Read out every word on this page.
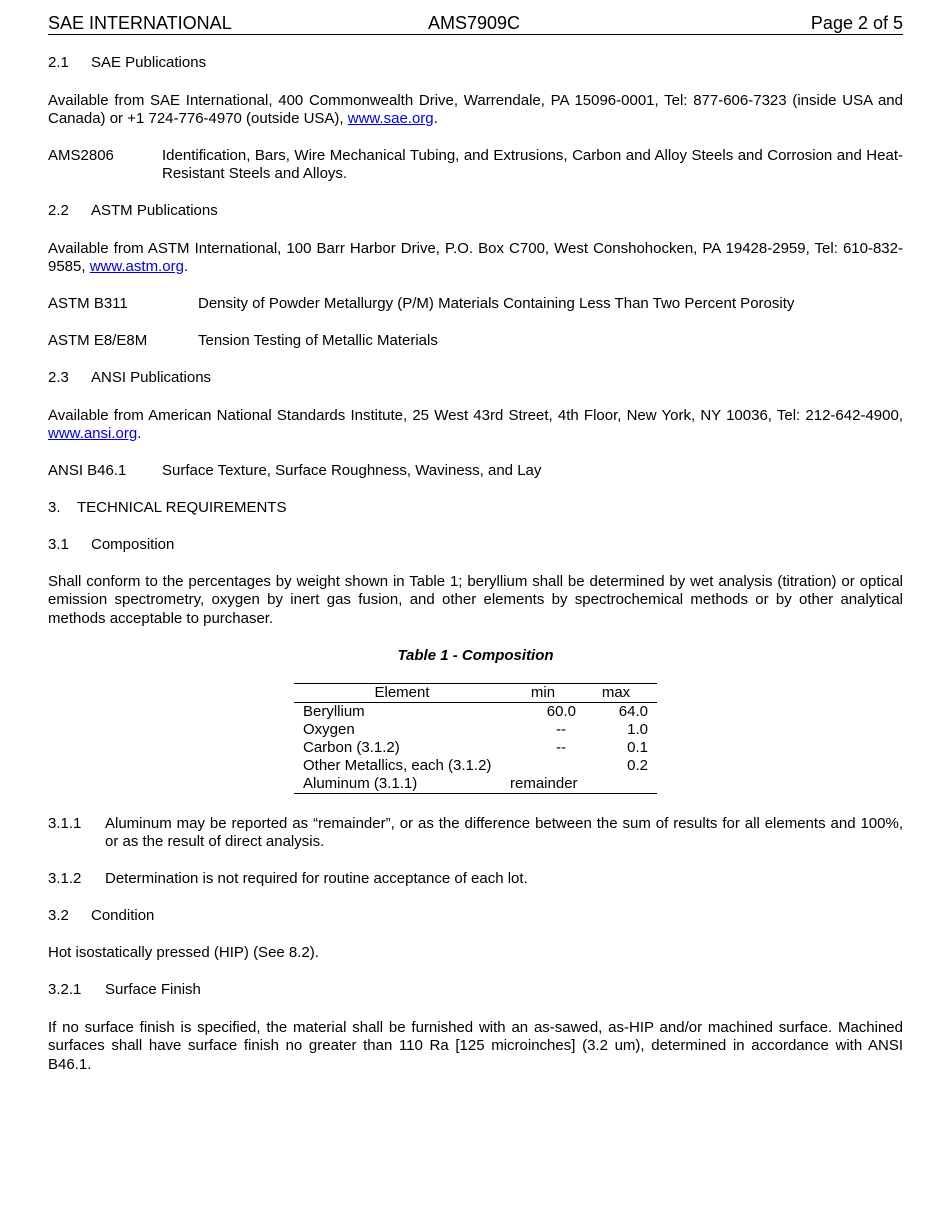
SAE INTERNATIONAL	AMS7909C	Page 2 of 5
2.1 SAE Publications
Available from SAE International, 400 Commonwealth Drive, Warrendale, PA 15096-0001, Tel: 877-606-7323 (inside USA and Canada) or +1 724-776-4970 (outside USA), www.sae.org.
AMS2806	Identification, Bars, Wire Mechanical Tubing, and Extrusions, Carbon and Alloy Steels and Corrosion and Heat-Resistant Steels and Alloys.
2.2 ASTM Publications
Available from ASTM International, 100 Barr Harbor Drive, P.O. Box C700, West Conshohocken, PA 19428-2959, Tel: 610-832-9585, www.astm.org.
ASTM B311	Density of Powder Metallurgy (P/M) Materials Containing Less Than Two Percent Porosity
ASTM E8/E8M	Tension Testing of Metallic Materials
2.3 ANSI Publications
Available from American National Standards Institute, 25 West 43rd Street, 4th Floor, New York, NY 10036, Tel: 212-642-4900, www.ansi.org.
ANSI B46.1 Surface Texture, Surface Roughness, Waviness, and Lay
3. TECHNICAL REQUIREMENTS
3.1 Composition
Shall conform to the percentages by weight shown in Table 1; beryllium shall be determined by wet analysis (titration) or optical emission spectrometry, oxygen by inert gas fusion, and other elements by spectrochemical methods or by other analytical methods acceptable to purchaser.
Table 1 - Composition
Element	min	max
Beryllium	60.0	64.0
Oxygen	--	1.0
Carbon (3.1.2)	--	0.1
Other Metallics, each (3.1.2)		0.2
Aluminum (3.1.1)	remainder	
3.1.1 Aluminum may be reported as “remainder”, or as the difference between the sum of results for all elements and 100%, or as the result of direct analysis.
3.1.2 Determination is not required for routine acceptance of each lot.
3.2 Condition
Hot isostatically pressed (HIP) (See 8.2).
3.2.1 Surface Finish
If no surface finish is specified, the material shall be furnished with an as-sawed, as-HIP and/or machined surface. Machined surfaces shall have surface finish no greater than 110 Ra [125 microinches] (3.2 um), determined in accordance with ANSI B46.1.
